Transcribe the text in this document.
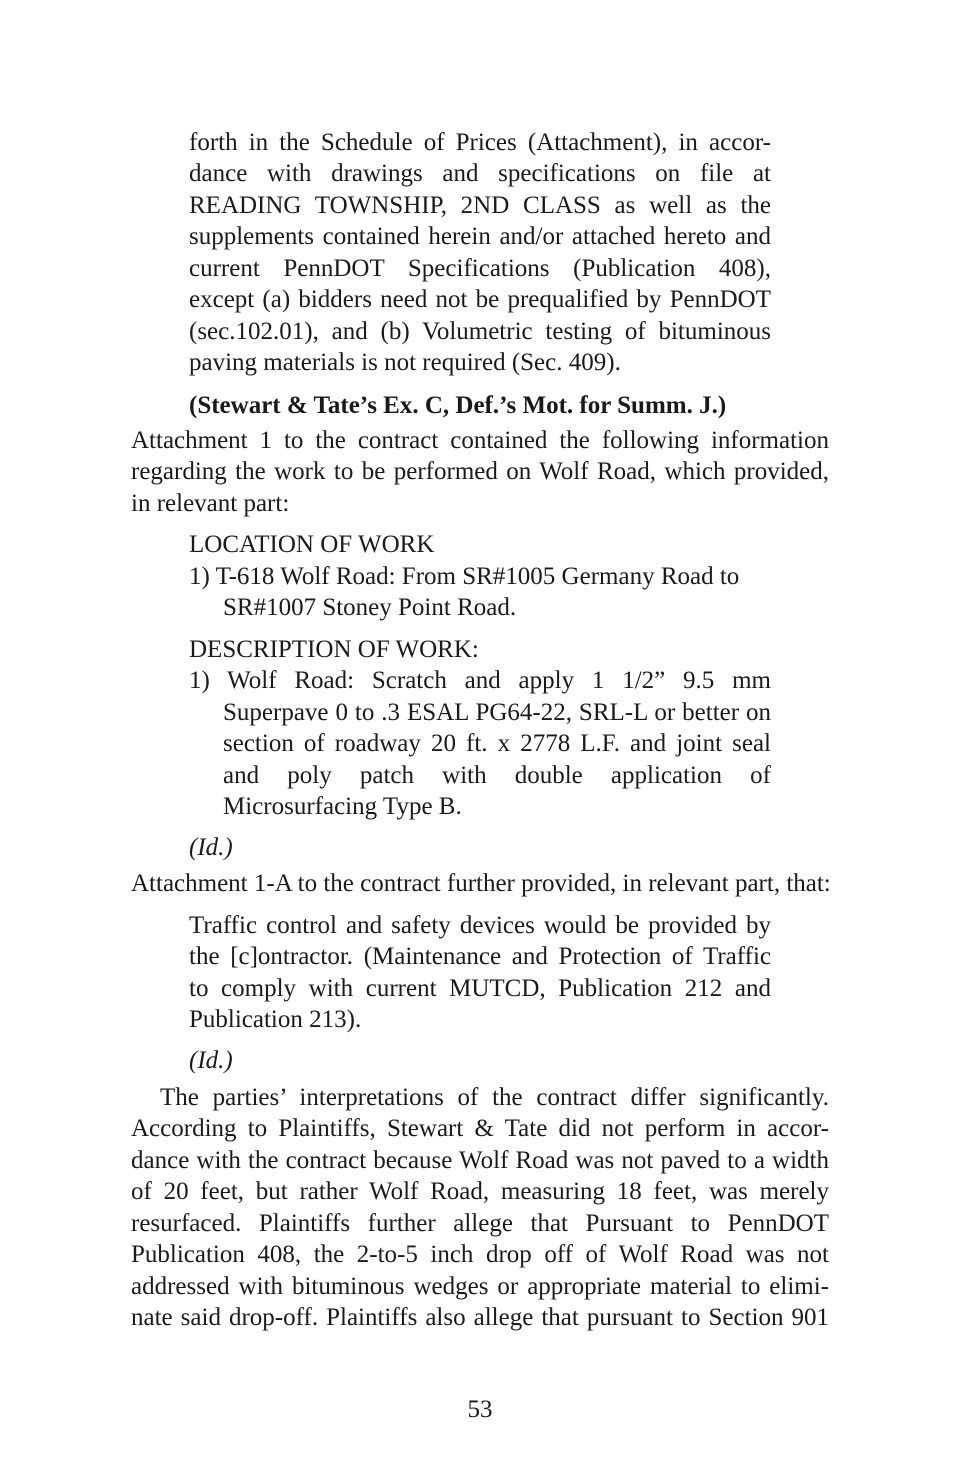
forth in the Schedule of Prices (Attachment), in accor-
dance with drawings and specifications on file at
READING TOWNSHIP, 2ND CLASS as well as the
supplements contained herein and/or attached hereto and
current PennDOT Specifications (Publication 408),
except (a) bidders need not be prequalified by PennDOT
(sec.102.01), and (b) Volumetric testing of bituminous
paving materials is not required (Sec. 409).
(Stewart & Tate’s Ex. C, Def.’s Mot. for Summ. J.)
Attachment 1 to the contract contained the following information
regarding the work to be performed on Wolf Road, which provided,
in relevant part:
LOCATION OF WORK
1) T-618 Wolf Road: From SR#1005 Germany Road to
SR#1007 Stoney Point Road.
DESCRIPTION OF WORK:
1) Wolf Road: Scratch and apply 1 1/2” 9.5 mm
Superpave 0 to .3 ESAL PG64-22, SRL-L or better on
section of roadway 20 ft. x 2778 L.F. and joint seal
and poly patch with double application of
Microsurfacing Type B.
(Id.)
Attachment 1-A to the contract further provided, in relevant part, that:
Traffic control and safety devices would be provided by
the [c]ontractor. (Maintenance and Protection of Traffic
to comply with current MUTCD, Publication 212 and
Publication 213).
(Id.)
The parties’ interpretations of the contract differ significantly.
According to Plaintiffs, Stewart & Tate did not perform in accor-
dance with the contract because Wolf Road was not paved to a width
of 20 feet, but rather Wolf Road, measuring 18 feet, was merely
resurfaced. Plaintiffs further allege that Pursuant to PennDOT
Publication 408, the 2-to-5 inch drop off of Wolf Road was not
addressed with bituminous wedges or appropriate material to elimi-
nate said drop-off. Plaintiffs also allege that pursuant to Section 901
53
